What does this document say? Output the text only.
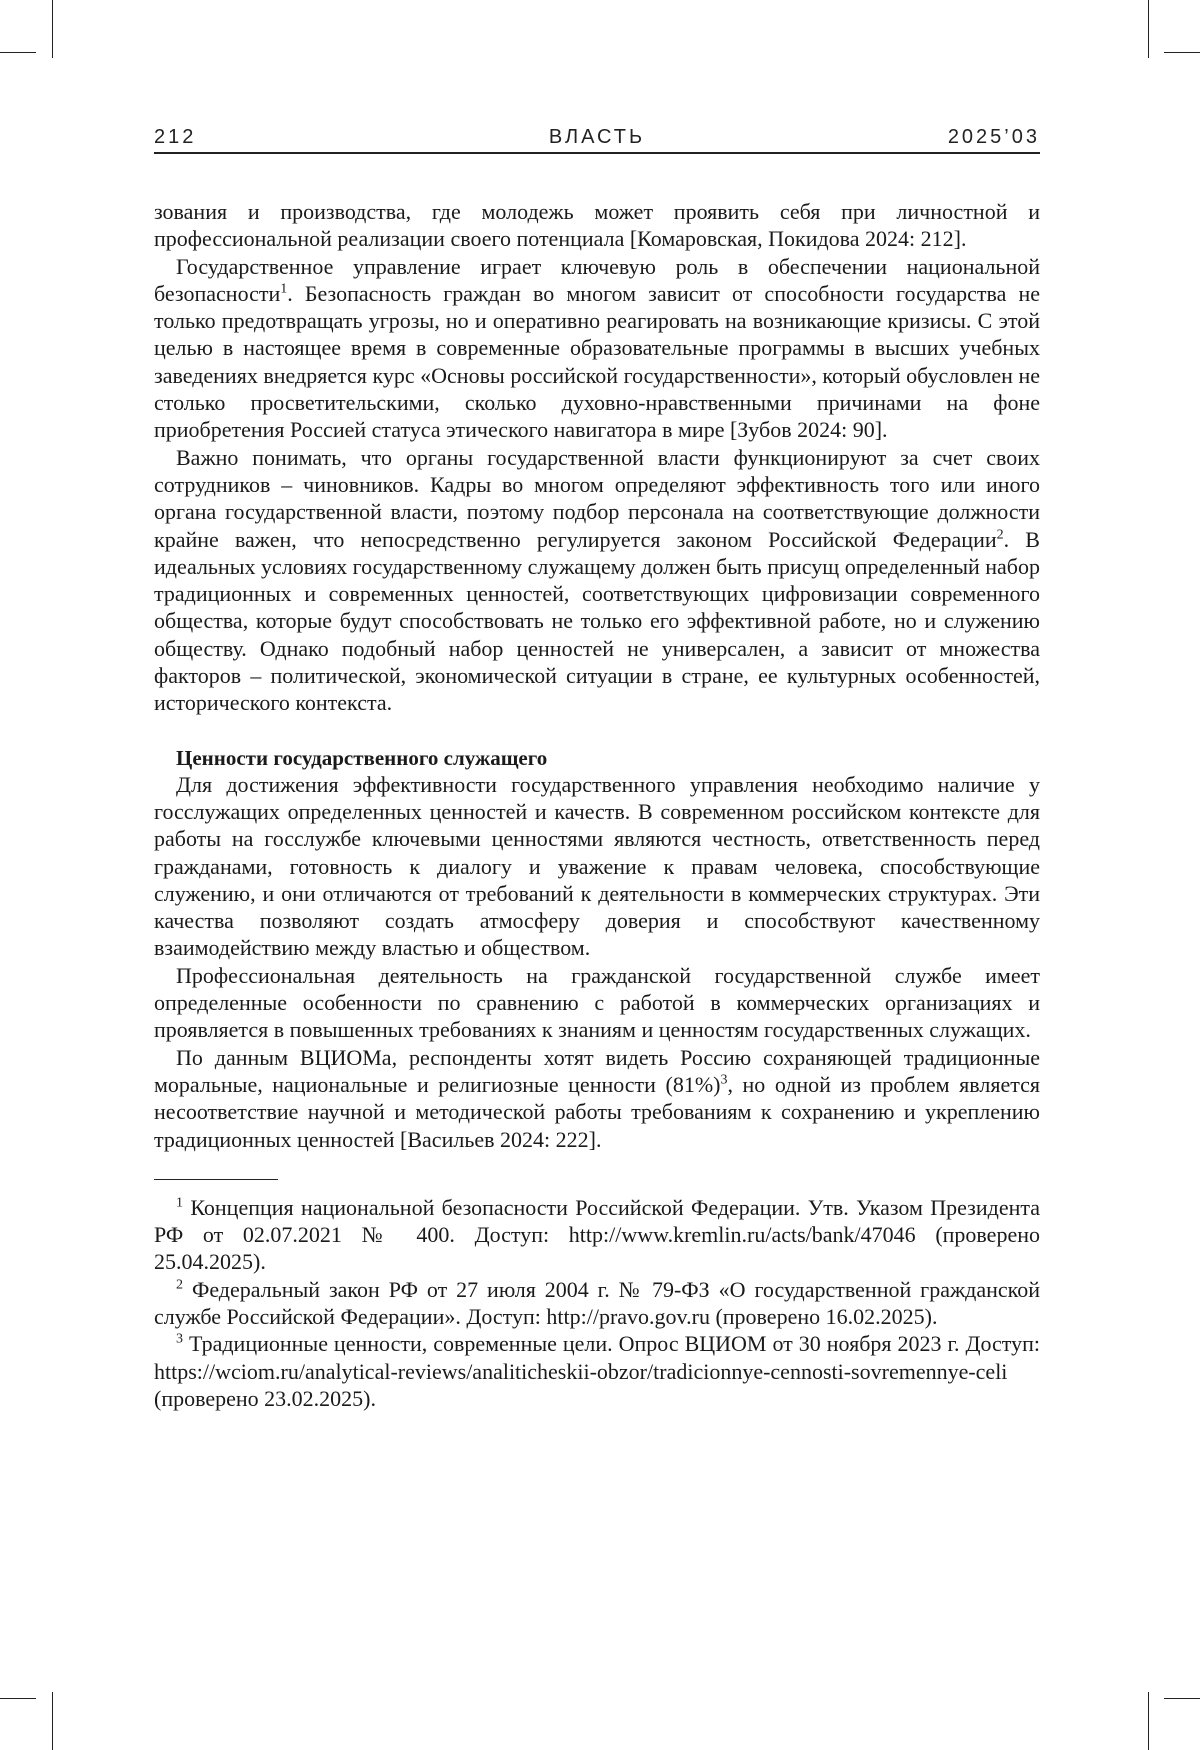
212	ВЛАСТЬ	2025’03

зования и производства, где молодежь может проявить себя при личностной и профессиональной реализации своего потенциала [Комаровская, Покидова 2024: 212].

Государственное управление играет ключевую роль в обеспечении национальной безопасности1. Безопасность граждан во многом зависит от способности государства не только предотвращать угрозы, но и оперативно реагировать на возникающие кризисы. С этой целью в настоящее время в современные образовательные программы в высших учебных заведениях внедряется курс «Основы российской государственности», который обусловлен не столько просветительскими, сколько духовно-нравственными причинами на фоне приобретения Россией статуса этического навигатора в мире [Зубов 2024: 90].

Важно понимать, что органы государственной власти функционируют за счет своих сотрудников – чиновников. Кадры во многом определяют эффективность того или иного органа государственной власти, поэтому подбор персонала на соответствующие должности крайне важен, что непосредственно регулируется законом Российской Федерации2. В идеальных условиях государственному служащему должен быть присущ определенный набор традиционных и современных ценностей, соответствующих цифровизации современного общества, которые будут способствовать не только его эффективной работе, но и служению обществу. Однако подобный набор ценностей не универсален, а зависит от множества факторов – политической, экономической ситуации в стране, ее культурных особенностей, исторического контекста.

Ценности государственного служащего

Для достижения эффективности государственного управления необходимо наличие у госслужащих определенных ценностей и качеств. В современном российском контексте для работы на госслужбе ключевыми ценностями являются честность, ответственность перед гражданами, готовность к диалогу и уважение к правам человека, способствующие служению, и они отличаются от требований к деятельности в коммерческих структурах. Эти качества позволяют создать атмосферу доверия и способствуют качественному взаимодействию между властью и обществом.

Профессиональная деятельность на гражданской государственной службе имеет определенные особенности по сравнению с работой в коммерческих организациях и проявляется в повышенных требованиях к знаниям и ценностям государственных служащих.

По данным ВЦИОМа, респонденты хотят видеть Россию сохраняющей традиционные моральные, национальные и религиозные ценности (81%)3, но одной из проблем является несоответствие научной и методической работы требованиям к сохранению и укреплению традиционных ценностей [Васильев 2024: 222].

1 Концепция национальной безопасности Российской Федерации. Утв. Указом Президента РФ от 02.07.2021 № 400. Доступ: http://www.kremlin.ru/acts/bank/47046 (проверено 25.04.2025).

2 Федеральный закон РФ от 27 июля 2004 г. № 79-ФЗ «О государственной гражданской службе Российской Федерации». Доступ: http://pravo.gov.ru (проверено 16.02.2025).

3 Традиционные ценности, современные цели. Опрос ВЦИОМ от 30 ноября 2023 г. Доступ: https://wciom.ru/analytical-reviews/analiticheskii-obzor/tradicionnye-cennosti-sovremennye-celi (проверено 23.02.2025).
